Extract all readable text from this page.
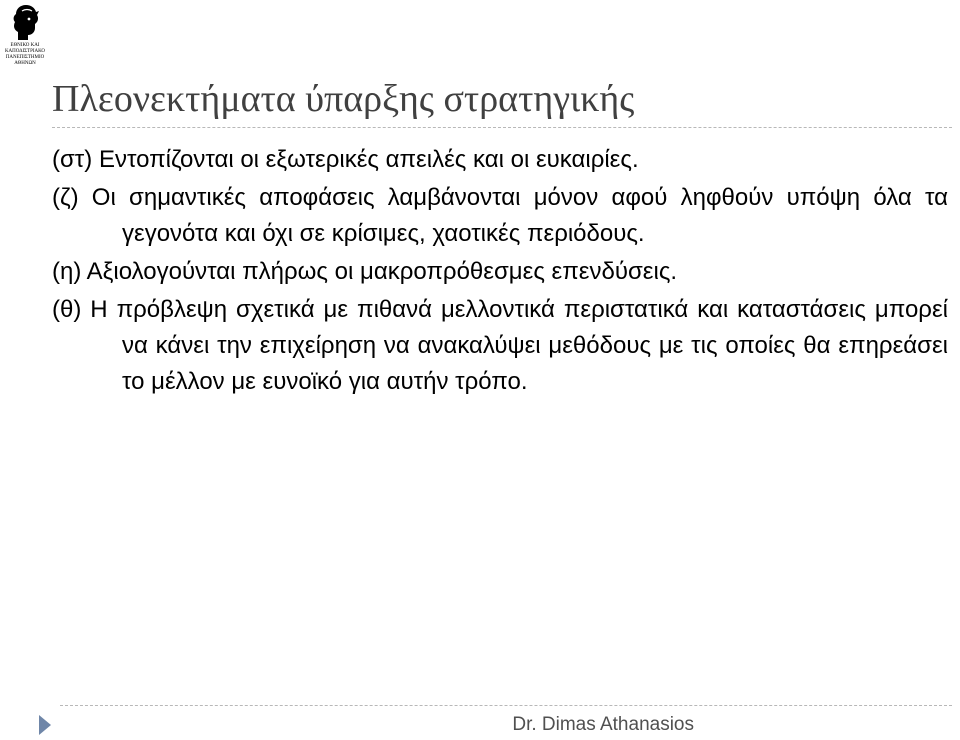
ΕΘΝΙΚΟ ΚΑΙ
ΚΑΠΟΔΙΣΤΡΙΑΚΟ
ΠΑΝΕΠΙΣΤΗΜΙΟ
ΑΘΗΝΩΝ
Πλεονεκτήματα ύπαρξης στρατηγικής

(στ) Εντοπίζονται οι εξωτερικές απειλές και οι ευκαιρίες.

(ζ) Οι σημαντικές αποφάσεις λαμβάνονται μόνον αφού ληφθούν υπόψη όλα τα γεγονότα και όχι σε κρίσιμες, χαοτικές περιόδους.

(η) Αξιολογούνται πλήρως οι μακροπρόθεσμες επενδύσεις.

(θ) Η πρόβλεψη σχετικά με πιθανά μελλοντικά περιστατικά και καταστάσεις μπορεί να κάνει την επιχείρηση να ανακαλύψει μεθόδους με τις οποίες θα επηρεάσει το μέλλον με ευνοϊκό για αυτήν τρόπο.

Dr. Dimas Athanasios
